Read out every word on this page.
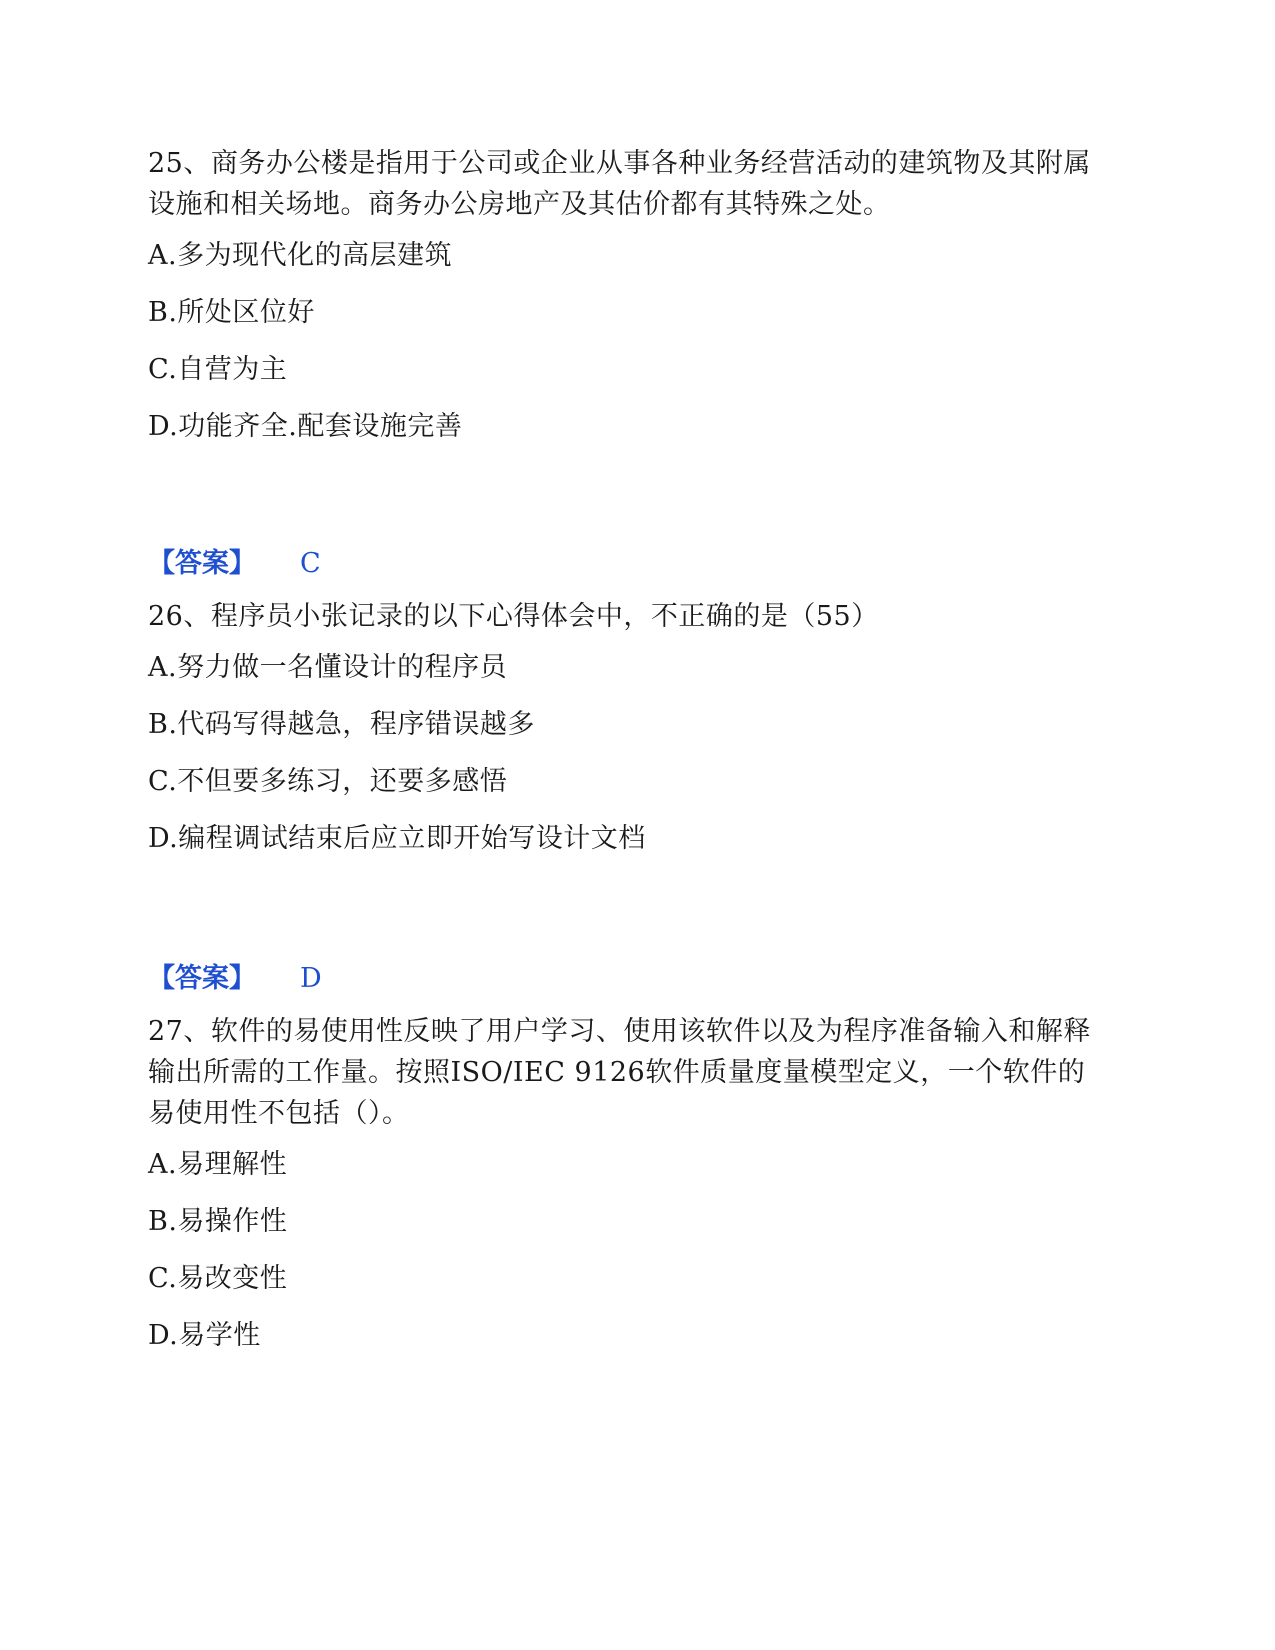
25、商务办公楼是指用于公司或企业从事各种业务经营活动的建筑物及其附属设施和相关场地。商务办公房地产及其估价都有其特殊之处。

A.多为现代化的高层建筑

B.所处区位好

C.自营为主

D.功能齐全.配套设施完善

【答案】 C

26、程序员小张记录的以下心得体会中，不正确的是（55）

A.努力做一名懂设计的程序员

B.代码写得越急，程序错误越多

C.不但要多练习，还要多感悟

D.编程调试结束后应立即开始写设计文档

【答案】 D

27、软件的易使用性反映了用户学习、使用该软件以及为程序准备输入和解释输出所需的工作量。按照ISO/IEC 9126软件质量度量模型定义，一个软件的易使用性不包括（）。

A.易理解性

B.易操作性

C.易改变性

D.易学性
